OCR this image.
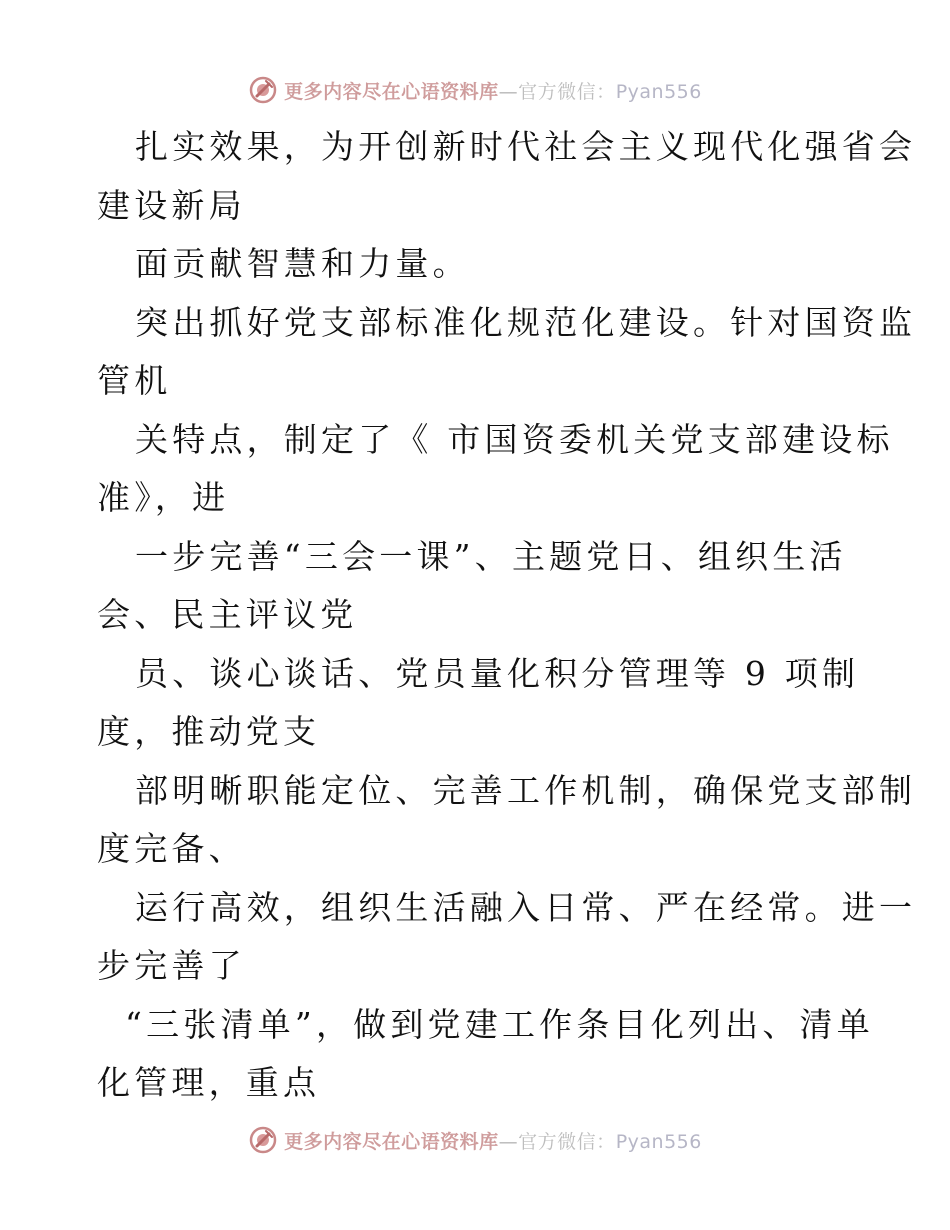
更多内容尽在心语资料库—官方微信：Pyan556
扎实效果，为开创新时代社会主义现代化强省会
建设新局
面贡献智慧和力量。
突出抓好党支部标准化规范化建设。针对国资监
管机
关特点，制定了《 市国资委机关党支部建设标
准》，进
一步完善“三会一课”、主题党日、组织生活
会、民主评议党
员、谈心谈话、党员量化积分管理等 9 项制
度，推动党支
部明晰职能定位、完善工作机制，确保党支部制
度完备、
运行高效，组织生活融入日常、严在经常。进一
步完善了
“三张清单”，做到党建工作条目化列出、清单
化管理，重点
更多内容尽在心语资料库—官方微信：Pyan556
